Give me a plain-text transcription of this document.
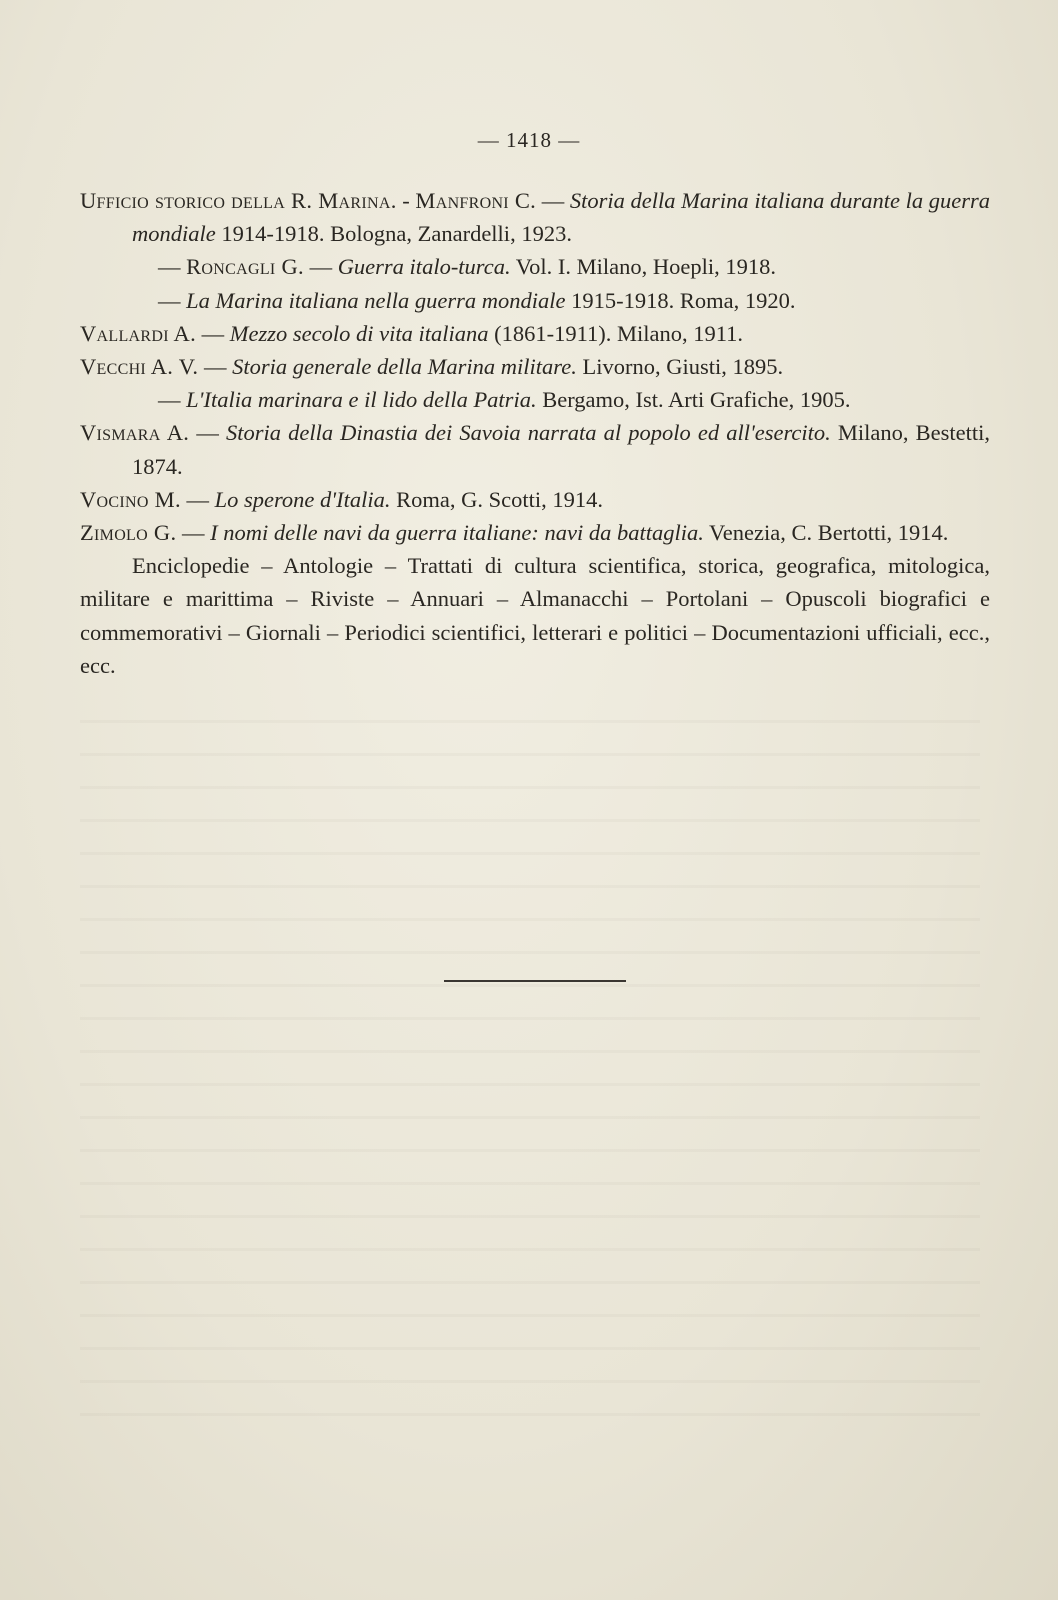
— 1418 —

Ufficio storico della R. Marina. - Manfroni C. — Storia della Marina italiana durante la guerra mondiale 1914-1918. Bologna, Zanardelli, 1923.

— Roncagli G. — Guerra italo-turca. Vol. I. Milano, Hoepli, 1918.

— La Marina italiana nella guerra mondiale 1915-1918. Roma, 1920.

Vallardi A. — Mezzo secolo di vita italiana (1861-1911). Milano, 1911.

Vecchi A. V. — Storia generale della Marina militare. Livorno, Giusti, 1895.

— L'Italia marinara e il lido della Patria. Bergamo, Ist. Arti Grafiche, 1905.

Vismara A. — Storia della Dinastia dei Savoia narrata al popolo ed all'esercito. Milano, Bestetti, 1874.

Vocino M. — Lo sperone d'Italia. Roma, G. Scotti, 1914.

Zimolo G. — I nomi delle navi da guerra italiane: navi da battaglia. Venezia, C. Bertotti, 1914.

Enciclopedie – Antologie – Trattati di cultura scientifica, storica, geografica, mitologica, militare e marittima – Riviste – Annuari – Almanacchi – Portolani – Opuscoli biografici e commemorativi – Giornali – Periodici scientifici, letterari e politici – Documentazioni ufficiali, ecc., ecc.
